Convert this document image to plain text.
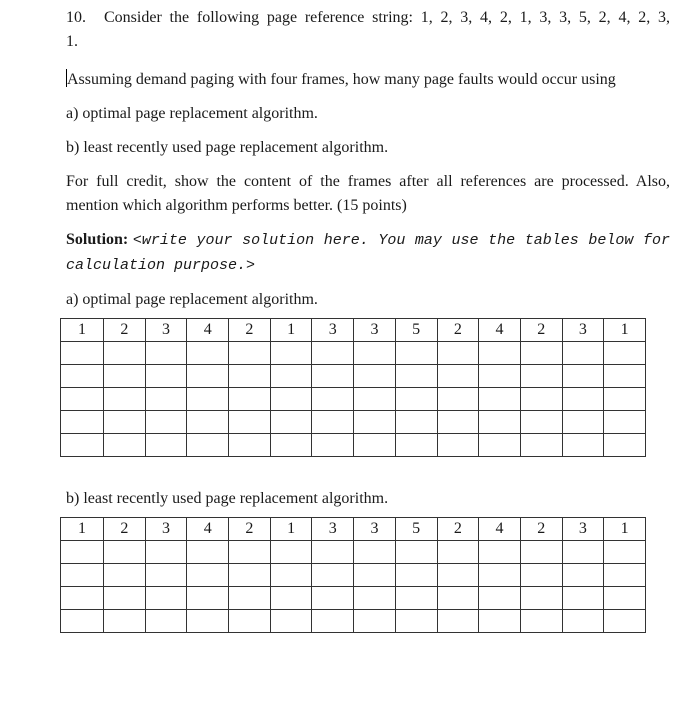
10. Consider the following page reference string: 1, 2, 3, 4, 2, 1, 3, 3, 5, 2, 4, 2, 3,

1.

Assuming demand paging with four frames, how many page faults would occur using

a) optimal page replacement algorithm.

b) least recently used page replacement algorithm.

For full credit, show the content of the frames after all references are processed. Also, mention which algorithm performs better. (15 points)

Solution: <write your solution here. You may use the tables below for calculation purpose.>

a) optimal page replacement algorithm.

1	2	3	4	2	1	3	3	5	2	4	2	3	1

b) least recently used page replacement algorithm.

1	2	3	4	2	1	3	3	5	2	4	2	3	1
